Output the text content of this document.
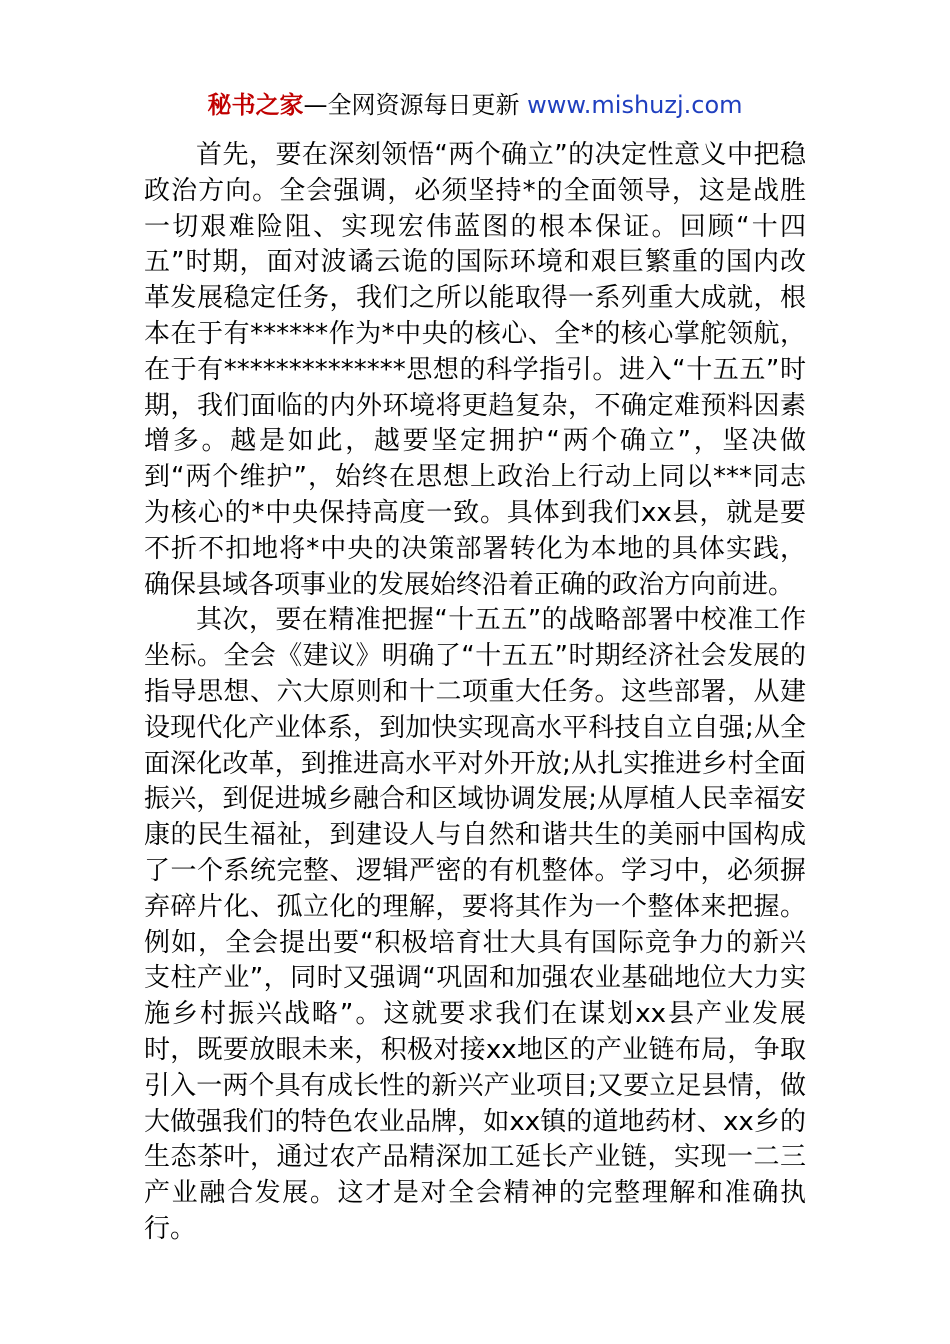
秘书之家—全网资源每日更新 www.mishuzj.com

首先，要在深刻领悟“两个确立”的决定性意义中把稳政治方向。全会强调，必须坚持*的全面领导，这是战胜一切艰难险阻、实现宏伟蓝图的根本保证。回顾“十四五”时期，面对波谲云诡的国际环境和艰巨繁重的国内改革发展稳定任务，我们之所以能取得一系列重大成就，根本在于有******作为*中央的核心、全*的核心掌舵领航，在于有**************思想的科学指引。进入“十五五”时期，我们面临的内外环境将更趋复杂，不确定难预料因素增多。越是如此，越要坚定拥护“两个确立”，坚决做到“两个维护”，始终在思想上政治上行动上同以***同志为核心的*中央保持高度一致。具体到我们xx县，就是要不折不扣地将*中央的决策部署转化为本地的具体实践，确保县域各项事业的发展始终沿着正确的政治方向前进。

其次，要在精准把握“十五五”的战略部署中校准工作坐标。全会《建议》明确了“十五五”时期经济社会发展的指导思想、六大原则和十二项重大任务。这些部署，从建设现代化产业体系，到加快实现高水平科技自立自强;从全面深化改革，到推进高水平对外开放;从扎实推进乡村全面振兴，到促进城乡融合和区域协调发展;从厚植人民幸福安康的民生福祉，到建设人与自然和谐共生的美丽中国构成了一个系统完整、逻辑严密的有机整体。学习中，必须摒弃碎片化、孤立化的理解，要将其作为一个整体来把握。例如，全会提出要“积极培育壮大具有国际竞争力的新兴支柱产业”，同时又强调“巩固和加强农业基础地位大力实施乡村振兴战略”。这就要求我们在谋划xx县产业发展时，既要放眼未来，积极对接xx地区的产业链布局，争取引入一两个具有成长性的新兴产业项目;又要立足县情，做大做强我们的特色农业品牌，如xx镇的道地药材、xx乡的生态茶叶，通过农产品精深加工延长产业链，实现一二三产业融合发展。这才是对全会精神的完整理解和准确执行。
